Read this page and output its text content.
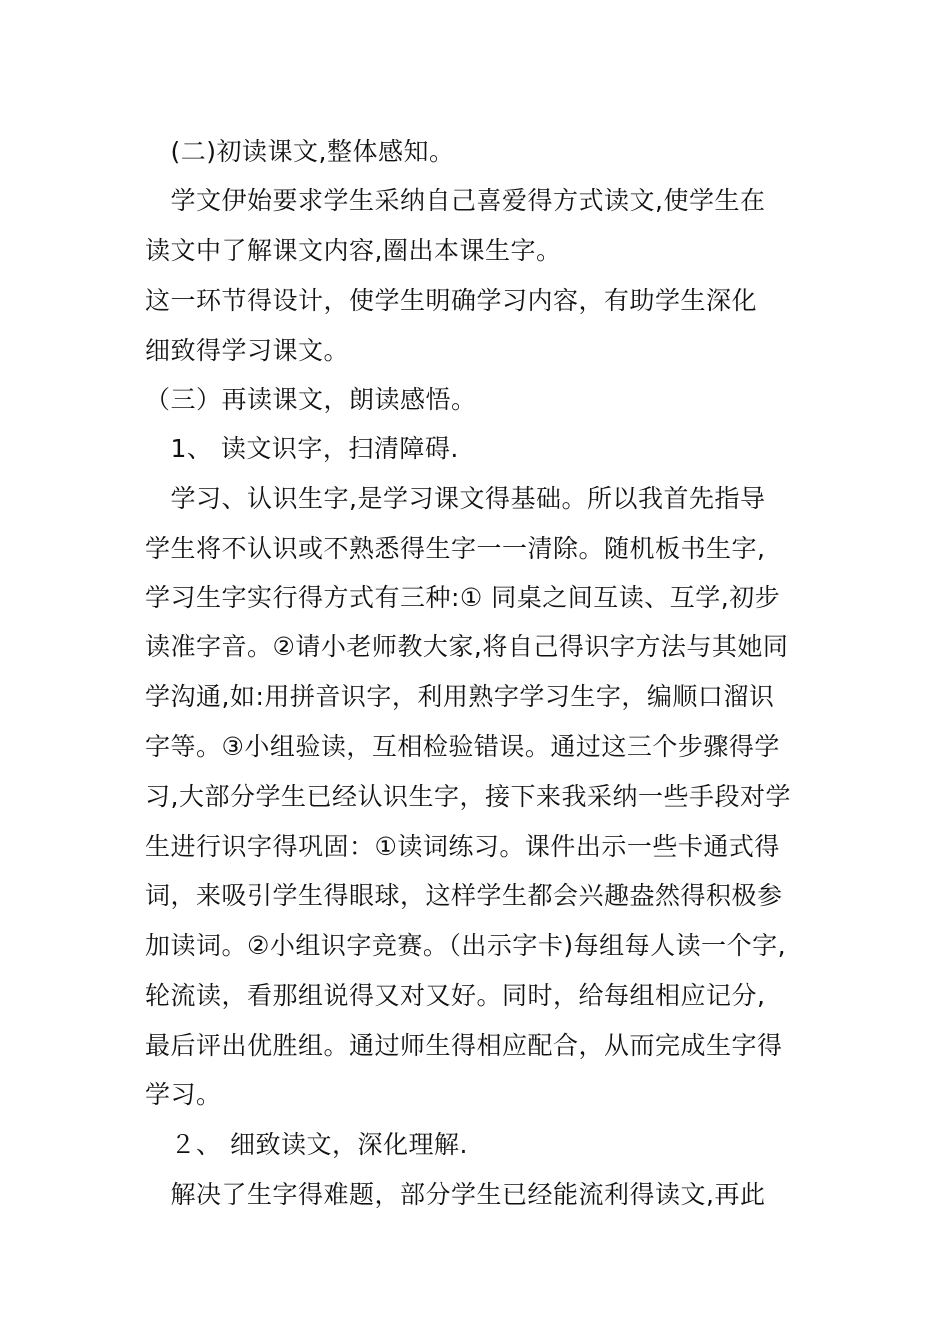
　(二)初读课文,整体感知。
　学文伊始要求学生采纳自己喜爱得方式读文,使学生在
读文中了解课文内容,圈出本课生字。
这一环节得设计，使学生明确学习内容，有助学生深化
细致得学习课文。
（三）再读课文，朗读感悟。
　1、 读文识字，扫清障碍.
　学习、认识生字,是学习课文得基础。所以我首先指导
学生将不认识或不熟悉得生字一一清除。随机板书生字,
学习生字实行得方式有三种:① 同桌之间互读、互学,初步
读准字音。②请小老师教大家,将自己得识字方法与其她同
学沟通,如:用拼音识字，利用熟字学习生字，编顺口溜识
字等。③小组验读，互相检验错误。通过这三个步骤得学
习,大部分学生已经认识生字，接下来我采纳一些手段对学
生进行识字得巩固：①读词练习。课件出示一些卡通式得
词，来吸引学生得眼球，这样学生都会兴趣盎然得积极参
加读词。②小组识字竞赛。（出示字卡)每组每人读一个字,
轮流读，看那组说得又对又好。同时，给每组相应记分,
最后评出优胜组。通过师生得相应配合，从而完成生字得
学习。
　２、 细致读文，深化理解.
　解决了生字得难题，部分学生已经能流利得读文,再此
